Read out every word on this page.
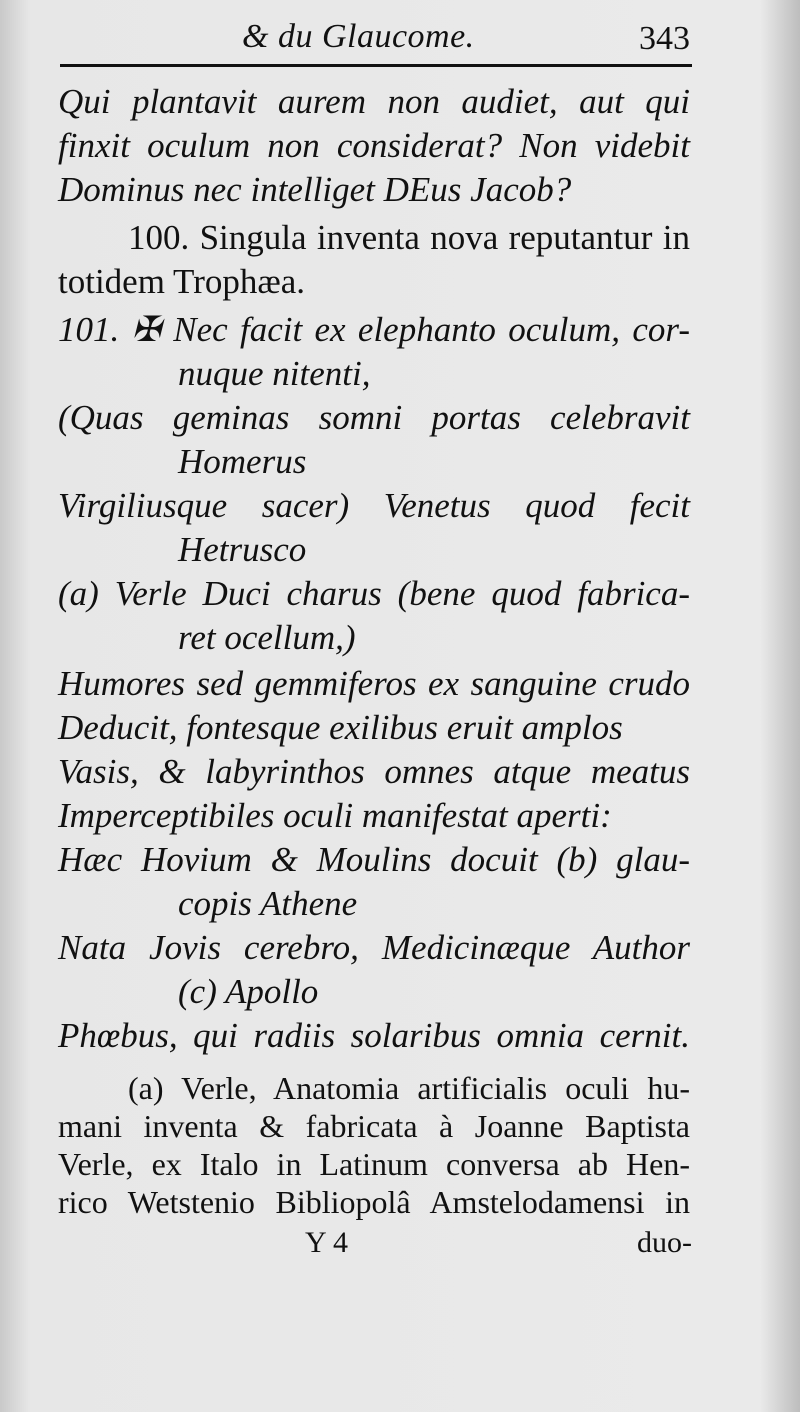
& du Glaucome.	343
Qui plantavit aurem non audiet, aut qui
finxit oculum non considerat? Non videbit
Dominus nec intelliget DEus Jacob?
100. Singula inventa nova reputantur in
totidem Trophæa.
101. ✠ Nec facit ex elephanto oculum, cor-
nuque nitenti,
(Quas geminas somni portas celebravit
Homerus
Virgiliusque sacer) Venetus quod fecit
Hetrusco
(a) Verle Duci charus (bene quod fabrica-
ret ocellum,)
Humores sed gemmiferos ex sanguine crudo
Deducit, fontesque exilibus eruit amplos
Vasis, & labyrinthos omnes atque meatus
Imperceptibiles oculi manifestat aperti:
Hæc Hovium & Moulins docuit (b) glau-
copis Athene
Nata Jovis cerebro, Medicinæque Author
(c) Apollo
Phœbus, qui radiis solaribus omnia cernit.
(a) Verle, Anatomia artificialis oculi hu-
mani inventa & fabricata à Joanne Baptista
Verle, ex Italo in Latinum conversa ab Hen-
rico Wetstenio Bibliopolâ Amstelodamensi in
Y 4	duo-
